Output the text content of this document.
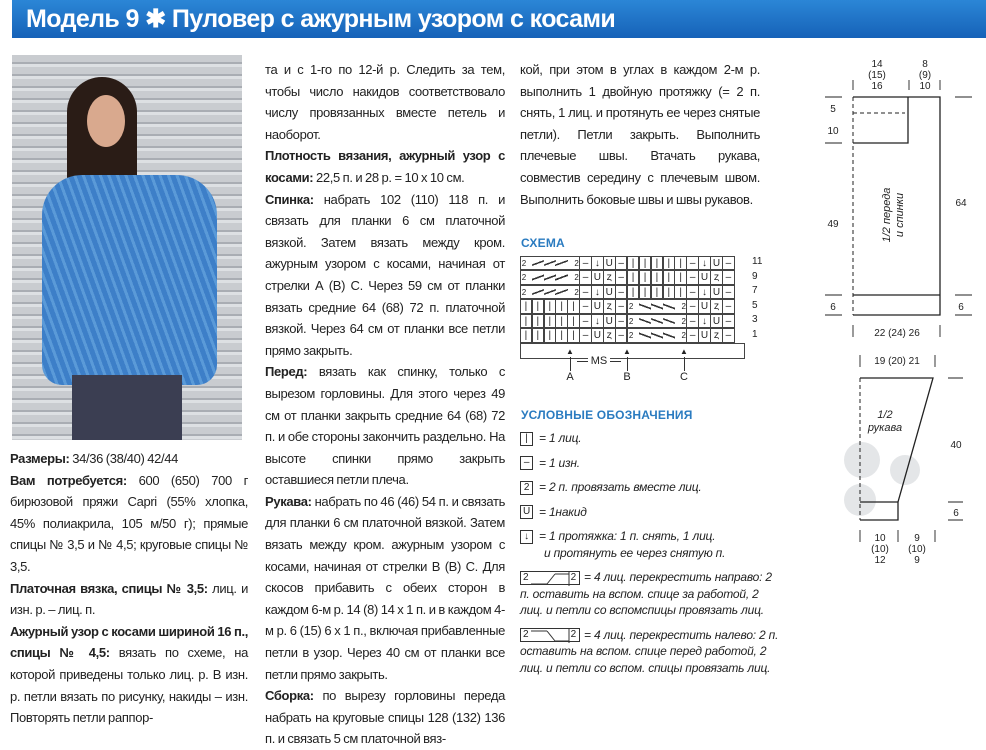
Модель 9 ✱ Пуловер с ажурным узором с косами

Размеры: 34/36 (38/40) 42/44

Вам потребуется: 600 (650) 700 г бирюзовой пряжи Capri (55% хлопка, 45% полиакрила, 105 м/50 г); прямые спицы № 3,5 и № 4,5; круговые спицы № 3,5.

Платочная вязка, спицы № 3,5: лиц. и изн. р. – лиц. п.

Ажурный узор с косами шириной 16 п., спицы № 4,5: вязать по схеме, на которой приведены только лиц. р. В изн. р. петли вязать по рисунку, накиды – изн. Повторять петли раппор-

та и с 1-го по 12-й р. Следить за тем, чтобы число накидов соответствовало числу провязанных вместе петель и наоборот.

Плотность вязания, ажурный узор с косами: 22,5 п. и 28 р. = 10 х 10 см.

Спинка: набрать 102 (110) 118 п. и связать для планки 6 см платочной вязкой. Затем вязать между кром. ажурным узором с косами, начиная от стрелки А (В) С. Через 59 см от планки вязать средние 64 (68) 72 п. платочной вязкой. Через 64 см от планки все петли прямо закрыть.

Перед: вязать как спинку, только с вырезом горловины. Для этого через 49 см от планки закрыть средние 64 (68) 72 п. и обе стороны закончить раздельно. На высоте спинки прямо закрыть оставшиеся петли плеча.

Рукава: набрать по 46 (46) 54 п. и связать для планки 6 см платочной вязкой. Затем вязать между кром. ажурным узором с косами, начиная от стрелки В (В) С. Для скосов прибавить с обеих сторон в каждом 6-м р. 14 (8) 14 х 1 п. и в каждом 4-м р. 6 (15) 6 х 1 п., включая прибавленные петли в узор. Через 40 см от планки все петли прямо закрыть.

Сборка: по вырезу горловины переда набрать на круговые спицы 128 (132) 136 п. и связать 5 см платочной вяз-

кой, при этом в углах в каждом 2-м р. выполнить 1 двойную протяжку (= 2 п. снять, 1 лиц. и протянуть ее через снятые петли). Петли закрыть. Выполнить плечевые швы. Втачать рукава, совместив середину с плечевым швом. Выполнить боковые швы и швы рукавов.

СХЕМА
11
2	2 – ↓ U – | | | | | – ↓ U –
9
2	2 – U ȥ – | | | | | – U ȥ –
7
2	2 – ↓ U – | | | | | – ↓ U –
5
| | | | | – U ȥ – 2	2 – U ȥ –
3
| | | | | – ↓ U – 2	2 – ↓ U –
1
| | | | | – U ȥ – 2	2 – U ȥ –
▲
A
▲
B
▲
C
MS
УСЛОВНЫЕ ОБОЗНАЧЕНИЯ
| = 1 лиц.
– = 1 изн.
2 = 2 п. провязать вместе лиц.
U = 1накид
↓ = 1 протяжка: 1 п. снять, 1 лиц.
и протянуть ее через снятую п.
2	2 = 4 лиц. перекрестить направо: 2 п. оставить на вспом. спице за работой, 2 лиц. и петли со вспомспицы провязать лиц.
2	2 = 4 лиц. перекрестить налево: 2 п. оставить на вспом. спице перед работой, 2 лиц. и петли со вспом. спицы провязать лиц.
14
(15)
16
8
(9)
10
5
10
49
6
64
6
22 (24) 26
1/2 переда и спинки
19 (20) 21
40
6
10
(10)
12
9
(10)
9
1/2
рукава
